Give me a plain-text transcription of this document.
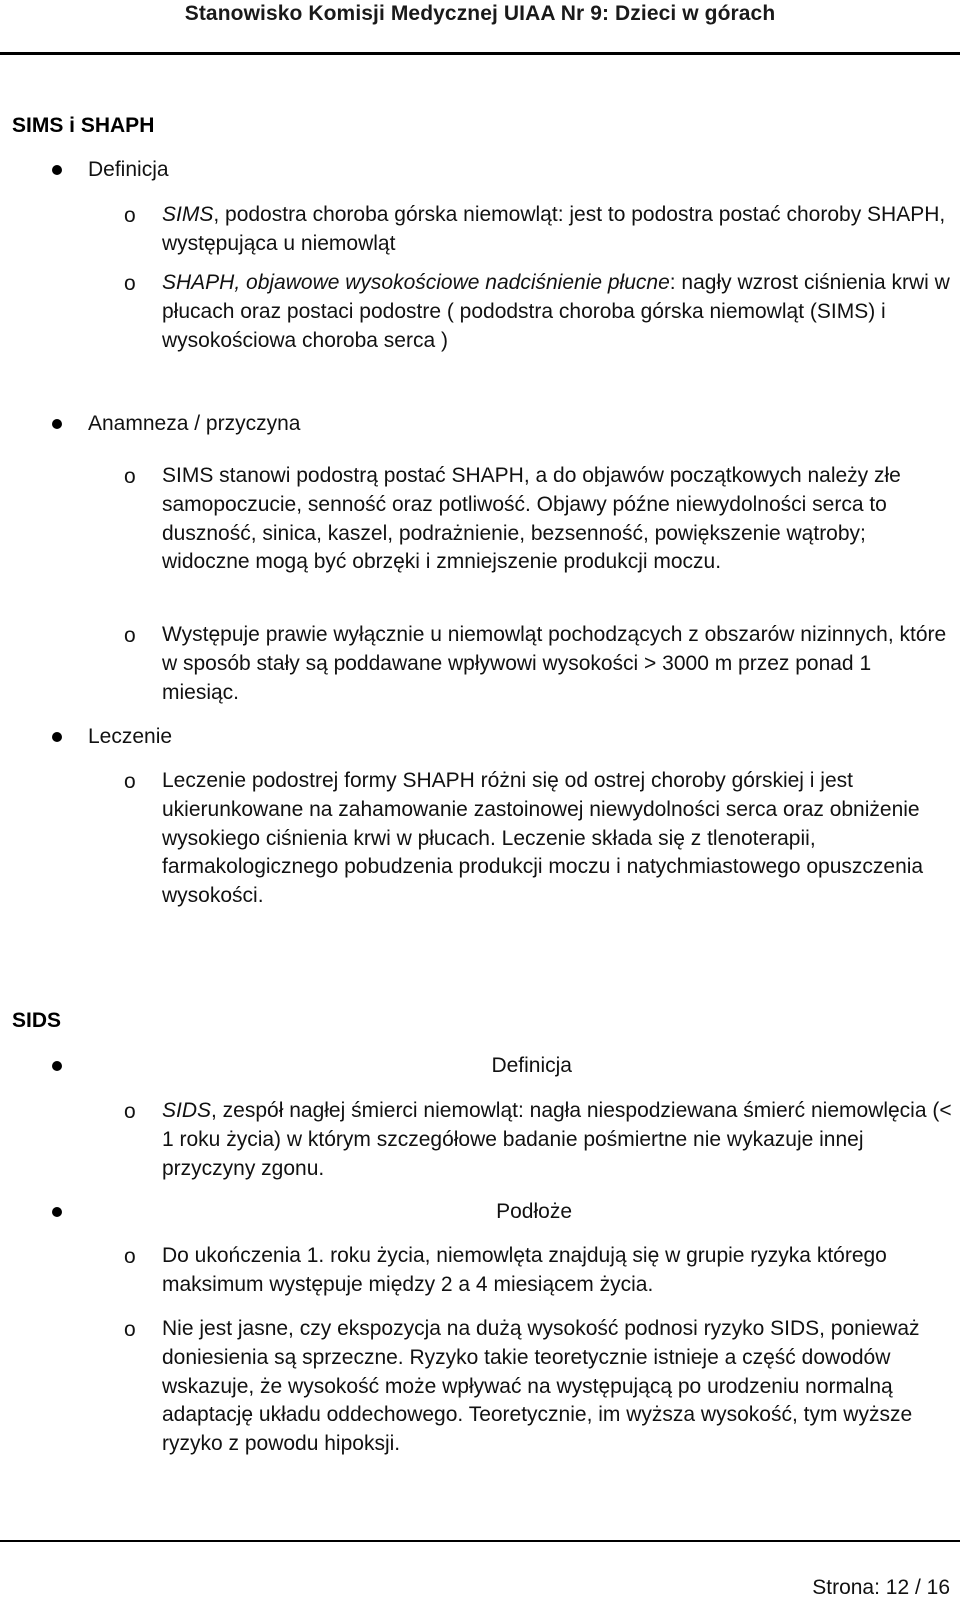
Stanowisko Komisji Medycznej UIAA Nr 9: Dzieci w górach
SIMS i SHAPH
Definicja
o SIMS, podostra choroba górska niemowląt: jest to podostra postać choroby SHAPH, występująca u niemowląt
o SHAPH, objawowe wysokościowe nadciśnienie płucne: nagły wzrost ciśnienia krwi w płucach oraz postaci podostre ( pododstra choroba górska niemowląt (SIMS) i wysokościowa choroba serca )
Anamneza / przyczyna
o SIMS stanowi podostrą postać SHAPH, a do objawów początkowych należy złe samopoczucie, senność oraz potliwość. Objawy późne niewydolności serca to duszność, sinica, kaszel, podrażnienie, bezsenność, powiększenie wątroby; widoczne mogą być obrzęki i zmniejszenie produkcji moczu.
o Występuje prawie wyłącznie u niemowląt pochodzących z obszarów nizinnych, które w sposób stały są poddawane wpływowi wysokości > 3000 m przez ponad 1 miesiąc.
Leczenie
o Leczenie podostrej formy SHAPH różni się od ostrej choroby górskiej i jest ukierunkowane na zahamowanie zastoinowej niewydolności serca oraz obniżenie wysokiego ciśnienia krwi w płucach. Leczenie składa się z tlenoterapii, farmakologicznego pobudzenia produkcji moczu i natychmiastowego opuszczenia wysokości.
SIDS
Definicja
o SIDS, zespół nagłej śmierci niemowląt: nagła niespodziewana śmierć niemowlęcia (< 1 roku życia) w którym szczegółowe badanie pośmiertne nie wykazuje innej przyczyny zgonu.
Podłoże
o Do ukończenia 1. roku życia, niemowlęta znajdują się w grupie ryzyka którego maksimum występuje między 2 a 4 miesiącem życia.
o Nie jest jasne, czy ekspozycja na dużą wysokość podnosi ryzyko SIDS, ponieważ doniesienia są sprzeczne. Ryzyko takie teoretycznie istnieje a część dowodów wskazuje, że wysokość może wpływać na występującą po urodzeniu normalną adaptację układu oddechowego. Teoretycznie, im wyższa wysokość, tym wyższe ryzyko z powodu hipoksji.
Strona: 12 / 16
